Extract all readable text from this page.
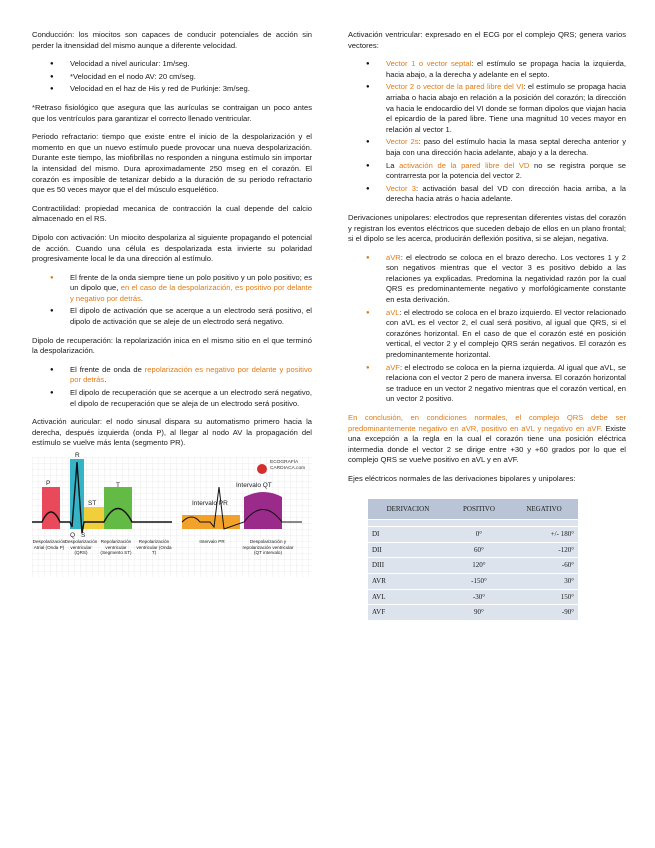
Conducción: los miocitos son capaces de conducir potenciales de acción sin perder la itnensidad del mismo aunque a diferente velocidad.

● Velocidad a nivel auricular: 1m/seg.
● *Velocidad en el nodo AV: 20 cm/seg.
● Velocidad en el haz de His y red de Purkinje: 3m/seg.

*Retraso fisiológico que asegura que las aurículas se contraigan un poco antes que los ventrículos para garantizar el correcto llenado ventricular.

Periodo refractario: tiempo que existe entre el inicio de la despolarización y el momento en que un nuevo estímulo puede provocar una nueva despolarización. Durante este tiempo, las miofibrillas no responden a ninguna estímulo sin importar la intensidad del mismo. Dura aproximadamente 250 mseg en el corazón. El corazón es imposible de tetanizar debido a la duración de su periodo refractario que es 50 veces mayor que el del músculo esquelético.

Contractilidad: propiedad mecanica de contracción la cual depende del calcio almacenado en el RS.

Dipolo con activación: Un miocito despolariza al siguiente propagando el potencial de acción. Cuando una célula es despolarizada esta invierte su polaridad progresivamente local le da una dirección al estímulo.

● El frente de la onda siempre tiene un polo positivo y un polo positivo; es un dipolo que, en el caso de la despolarización, es positivo por delante y negativo por detrás.
● El dipolo de activación que se acerque a un electrodo será positivo, el dipolo de activación que se aleje de un electrodo será negativo.

Dipolo de recuperación: la repolarización inica en el mismo sitio en el que terminó la despolarización.

● El frente de onda de repolarización es negativo por delante y positivo por detrás.
● El dipolo de recuperación que se acerque a un electrodo será negativo, el dipolo de recuperación que se aleja de un electrodo será positivo.

Activación auricular: el nodo sinusal dispara su automatismo primero hacia la derecha, después izquierda (onda P), al llegar al nodo AV la propagación del estímulo se vuelve más lenta (segmento PR).

P
R
ST
T
Q S
Intervalo PR
Intervalo QT
ECOGRAFÍA CARDIACA.com
Despolarización Atrial (Onda P)
Despolarización ventricular (QRS)
Repolarización ventricular (Segmento ST)
Repolarización ventricular (Onda T)
Intervalo PR	Despolarización y repolarización ventricular (QT intervalo)

Activación ventricular: expresado en el ECG por el complejo QRS; genera varios vectores:

● Vector 1 o vector septal: el estímulo se propaga hacia la izquierda, hacia abajo, a la derecha y adelante en el septo.
● Vector 2 o vector de la pared libre del VI: el estímulo se propaga hacia arriaba o hacia abajo en relación a la posición del corazón; la dirección va hacia le endocardio del VI donde se forman dipolos que viajan hacia el epicardio de la pared libre. Tiene una magnitud 10 veces mayor en relación al vector 1.
● Vector 2s: paso del estímulo hacia la masa septal derecha anterior y baja con una dirección hacia adelante, abajo y a la derecha.
● La activación de la pared libre del VD no se registra porque se contrarresta por la potencia del vector 2.
● Vector 3: activación basal del VD con dirección hacia arriba, a la derecha hacia atrás o hacia adelante.

Derivaciones unipolares: electrodos que representan diferentes vistas del corazón y registran los eventos eléctricos que suceden debajo de ellos en un plano frontal; si el dipolo se les acerca, producirán deflexión positiva, si se alejan, negativa.

● aVR: el electrodo se coloca en el brazo derecho. Los vectores 1 y 2 son negativos mientras que el vector 3 es positivo debido a las relaciones ya explicadas. Predomina la negatividad razón por la cual QRS es predominantemente negativo y morfológicamente constante en esta derivación.
● aVL: el electrodo se coloca en el brazo izquierdo. El vector relacionado con aVL es el vector 2, el cual será positivo, al igual que QRS, si el corazónes horizontal. En el caso de que el corazón esté en posición vertical, el vector 2 y el complejo QRS serán negativos. El corazón es predominantemente horizontal.
● aVF: el electrodo se coloca en la pierna izquierda. Al igual que aVL, se relaciona con el vector 2 pero de manera inversa. El corazón horizontal se traduce en un vector 2 negativo mientras que el corazón vertical, en un vector 2 positivo.

En conclusión, en condiciones normales, el complejo QRS debe ser predominantemente negativo en aVR, positivo en aVL y negativo en aVF. Existe una excepción a la regla en la cual el corazón tiene una posición eléctrica intermedia donde el vector 2 se dirige entre +30 y +60 grados por lo que el complejo QRS se vuelve positivo en aVL y en aVF.

Ejes eléctricos normales de las derivaciones bipolares y unipolares:

DERIVACION	POSITIVO	NEGATIVO

DI	0°	+/- 180°
DII	60°	-120°
DIII	120°	-60°
AVR	-150°	30°
AVL	-30°	150°
AVF	90°	-90°
